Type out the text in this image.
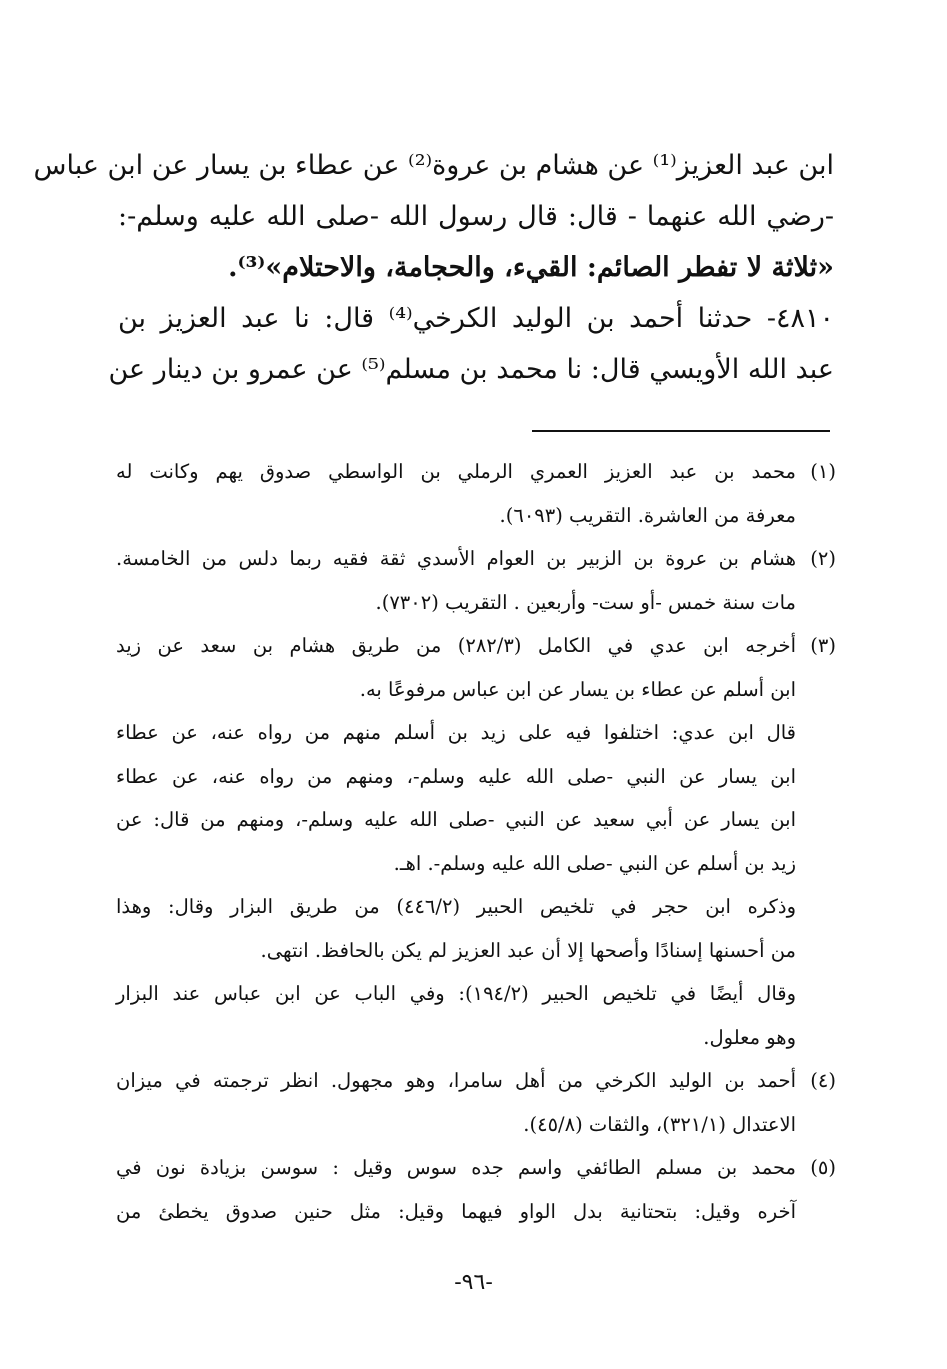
ابن عبد العزيز⁽¹⁾ عن هشام بن عروة⁽²⁾ عن عطاء بن يسار عن ابن عباس
-رضي الله عنهما - قال: قال رسول الله -صلى الله عليه وسلم-:
«ثلاثة لا تفطر الصائم: القيء، والحجامة، والاحتلام»⁽³⁾.
٤٨١٠- حدثنا أحمد بن الوليد الكرخي⁽⁴⁾ قال: نا عبد العزيز بن
عبد الله الأويسي قال: نا محمد بن مسلم⁽⁵⁾ عن عمرو بن دينار عن
(١)
محمد بن عبد العزيز العمري الرملي بن الواسطي صدوق يهم وكانت له
معرفة من العاشرة. التقريب (٦٠٩٣).
(٢)
هشام بن عروة بن الزبير بن العوام الأسدي ثقة فقيه ربما دلس من الخامسة.
مات سنة خمس -أو ست- وأربعين . التقريب (٧٣٠٢).
(٣)
أخرجه ابن عدي في الكامل (٢٨٢/٣) من طريق هشام بن سعد عن زيد
ابن أسلم عن عطاء بن يسار عن ابن عباس مرفوعًا به.
قال ابن عدي: اختلفوا فيه على زيد بن أسلم منهم من رواه عنه، عن عطاء
ابن يسار عن النبي -صلى الله عليه وسلم-، ومنهم من رواه عنه، عن عطاء
ابن يسار عن أبي سعيد عن النبي -صلى الله عليه وسلم-، ومنهم من قال: عن
زيد بن أسلم عن النبي -صلى الله عليه وسلم-. اهـ.
وذكره ابن حجر في تلخيص الحبير (٤٤٦/٢) من طريق البزار وقال: وهذا
من أحسنها إسنادًا وأصحها إلا أن عبد العزيز لم يكن بالحافظ. انتهى.
وقال أيضًا في تلخيص الحبير (١٩٤/٢): وفي الباب عن ابن عباس عند البزار
وهو معلول.
(٤)
أحمد بن الوليد الكرخي من أهل سامرا، وهو مجهول. انظر ترجمته في ميزان
الاعتدال (٣٢١/١)، والثقات (٤٥/٨).
(٥)
محمد بن مسلم الطائفي واسم جده سوس وقيل : سوسن بزيادة نون في
آخره وقيل: بتحتانية بدل الواو فيهما وقيل: مثل حنين صدوق يخطئ من
-٩٦-
